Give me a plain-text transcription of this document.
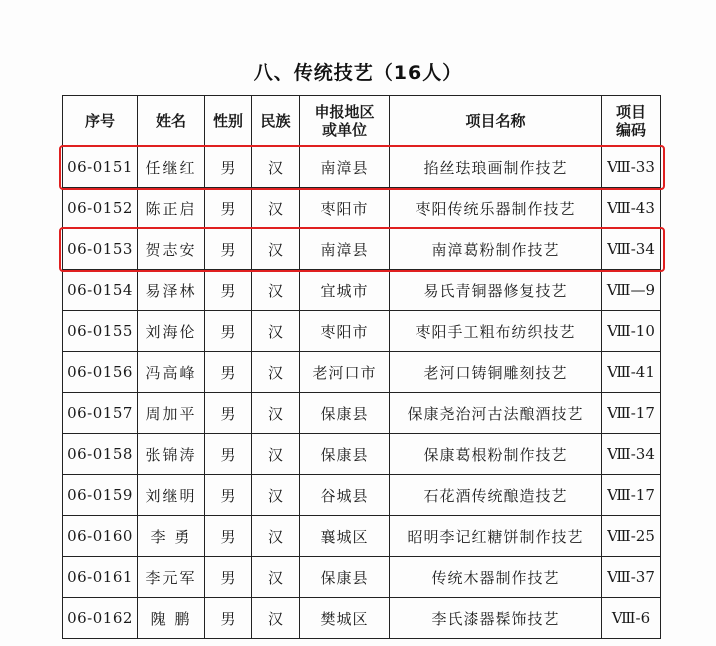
八、传统技艺（16人）
序号	姓名	性别	民族	申报地区或单位	项目名称	项目编码
06-0151	任继红	男	汉	南漳县	掐丝珐琅画制作技艺	Ⅷ-33
06-0152	陈正启	男	汉	枣阳市	枣阳传统乐器制作技艺	Ⅷ-43
06-0153	贺志安	男	汉	南漳县	南漳葛粉制作技艺	Ⅷ-34
06-0154	易泽林	男	汉	宜城市	易氏青铜器修复技艺	Ⅷ—9
06-0155	刘海伦	男	汉	枣阳市	枣阳手工粗布纺织技艺	Ⅷ-10
06-0156	冯高峰	男	汉	老河口市	老河口铸铜雕刻技艺	Ⅷ-41
06-0157	周加平	男	汉	保康县	保康尧治河古法酿酒技艺	Ⅷ-17
06-0158	张锦涛	男	汉	保康县	保康葛根粉制作技艺	Ⅷ-34
06-0159	刘继明	男	汉	谷城县	石花酒传统酿造技艺	Ⅷ-17
06-0160	李 勇	男	汉	襄城区	昭明李记红糖饼制作技艺	Ⅷ-25
06-0161	李元军	男	汉	保康县	传统木器制作技艺	Ⅷ-37
06-0162	隗 鹏	男	汉	樊城区	李氏漆器髹饰技艺	Ⅷ-6
